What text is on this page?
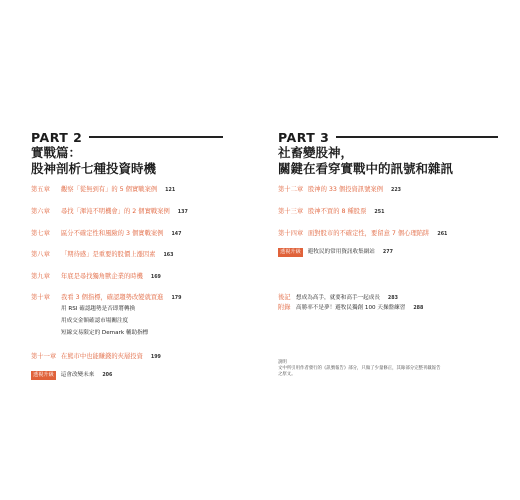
PART 2
實戰篇：
股神剖析七種投資時機
第五章	觀察「從無到有」的 5 個實戰案例 121
第六章	尋找「渾沌不明機會」的 2 個實戰案例 137
第七章	區分不確定性和風險的 3 個實戰案例 147
第八章	「期待感」是重要的股價上漲因素 163
第九章	年底是尋找獨角獸企業的時機 169
第十章	我看 3 個指標，確認趨勢改變就買進 179
用 RSI 確認趨勢是否即將轉換
用成交金額確認市場關注度
短線交易限定的 Demark 輔助指標
第十一章 在熊市中也能賺錢的夾層投資 199
透視升級	這會改變未來 206
PART 3
社畜變股神，
關鍵在看穿實戰中的訊號和雜訊
第十二章 股神的 33 個投資訊號案例 223
第十三章 股神不買的 8 種股票 251
第十四章 面對股市的不確定性，要留意 7 個心理陷阱 261
透視升級	避牧民的常用資訊收集網站 277
後記 想成為高手，就要和高手一起成長 283
附錄 高勝率不是夢！避牧民獨創 100 天操盤練習 288
說明
文中所引用作者發行的《訊號報告》部分，只做了少量修正，其餘部分完整刊載報告
之原文。
